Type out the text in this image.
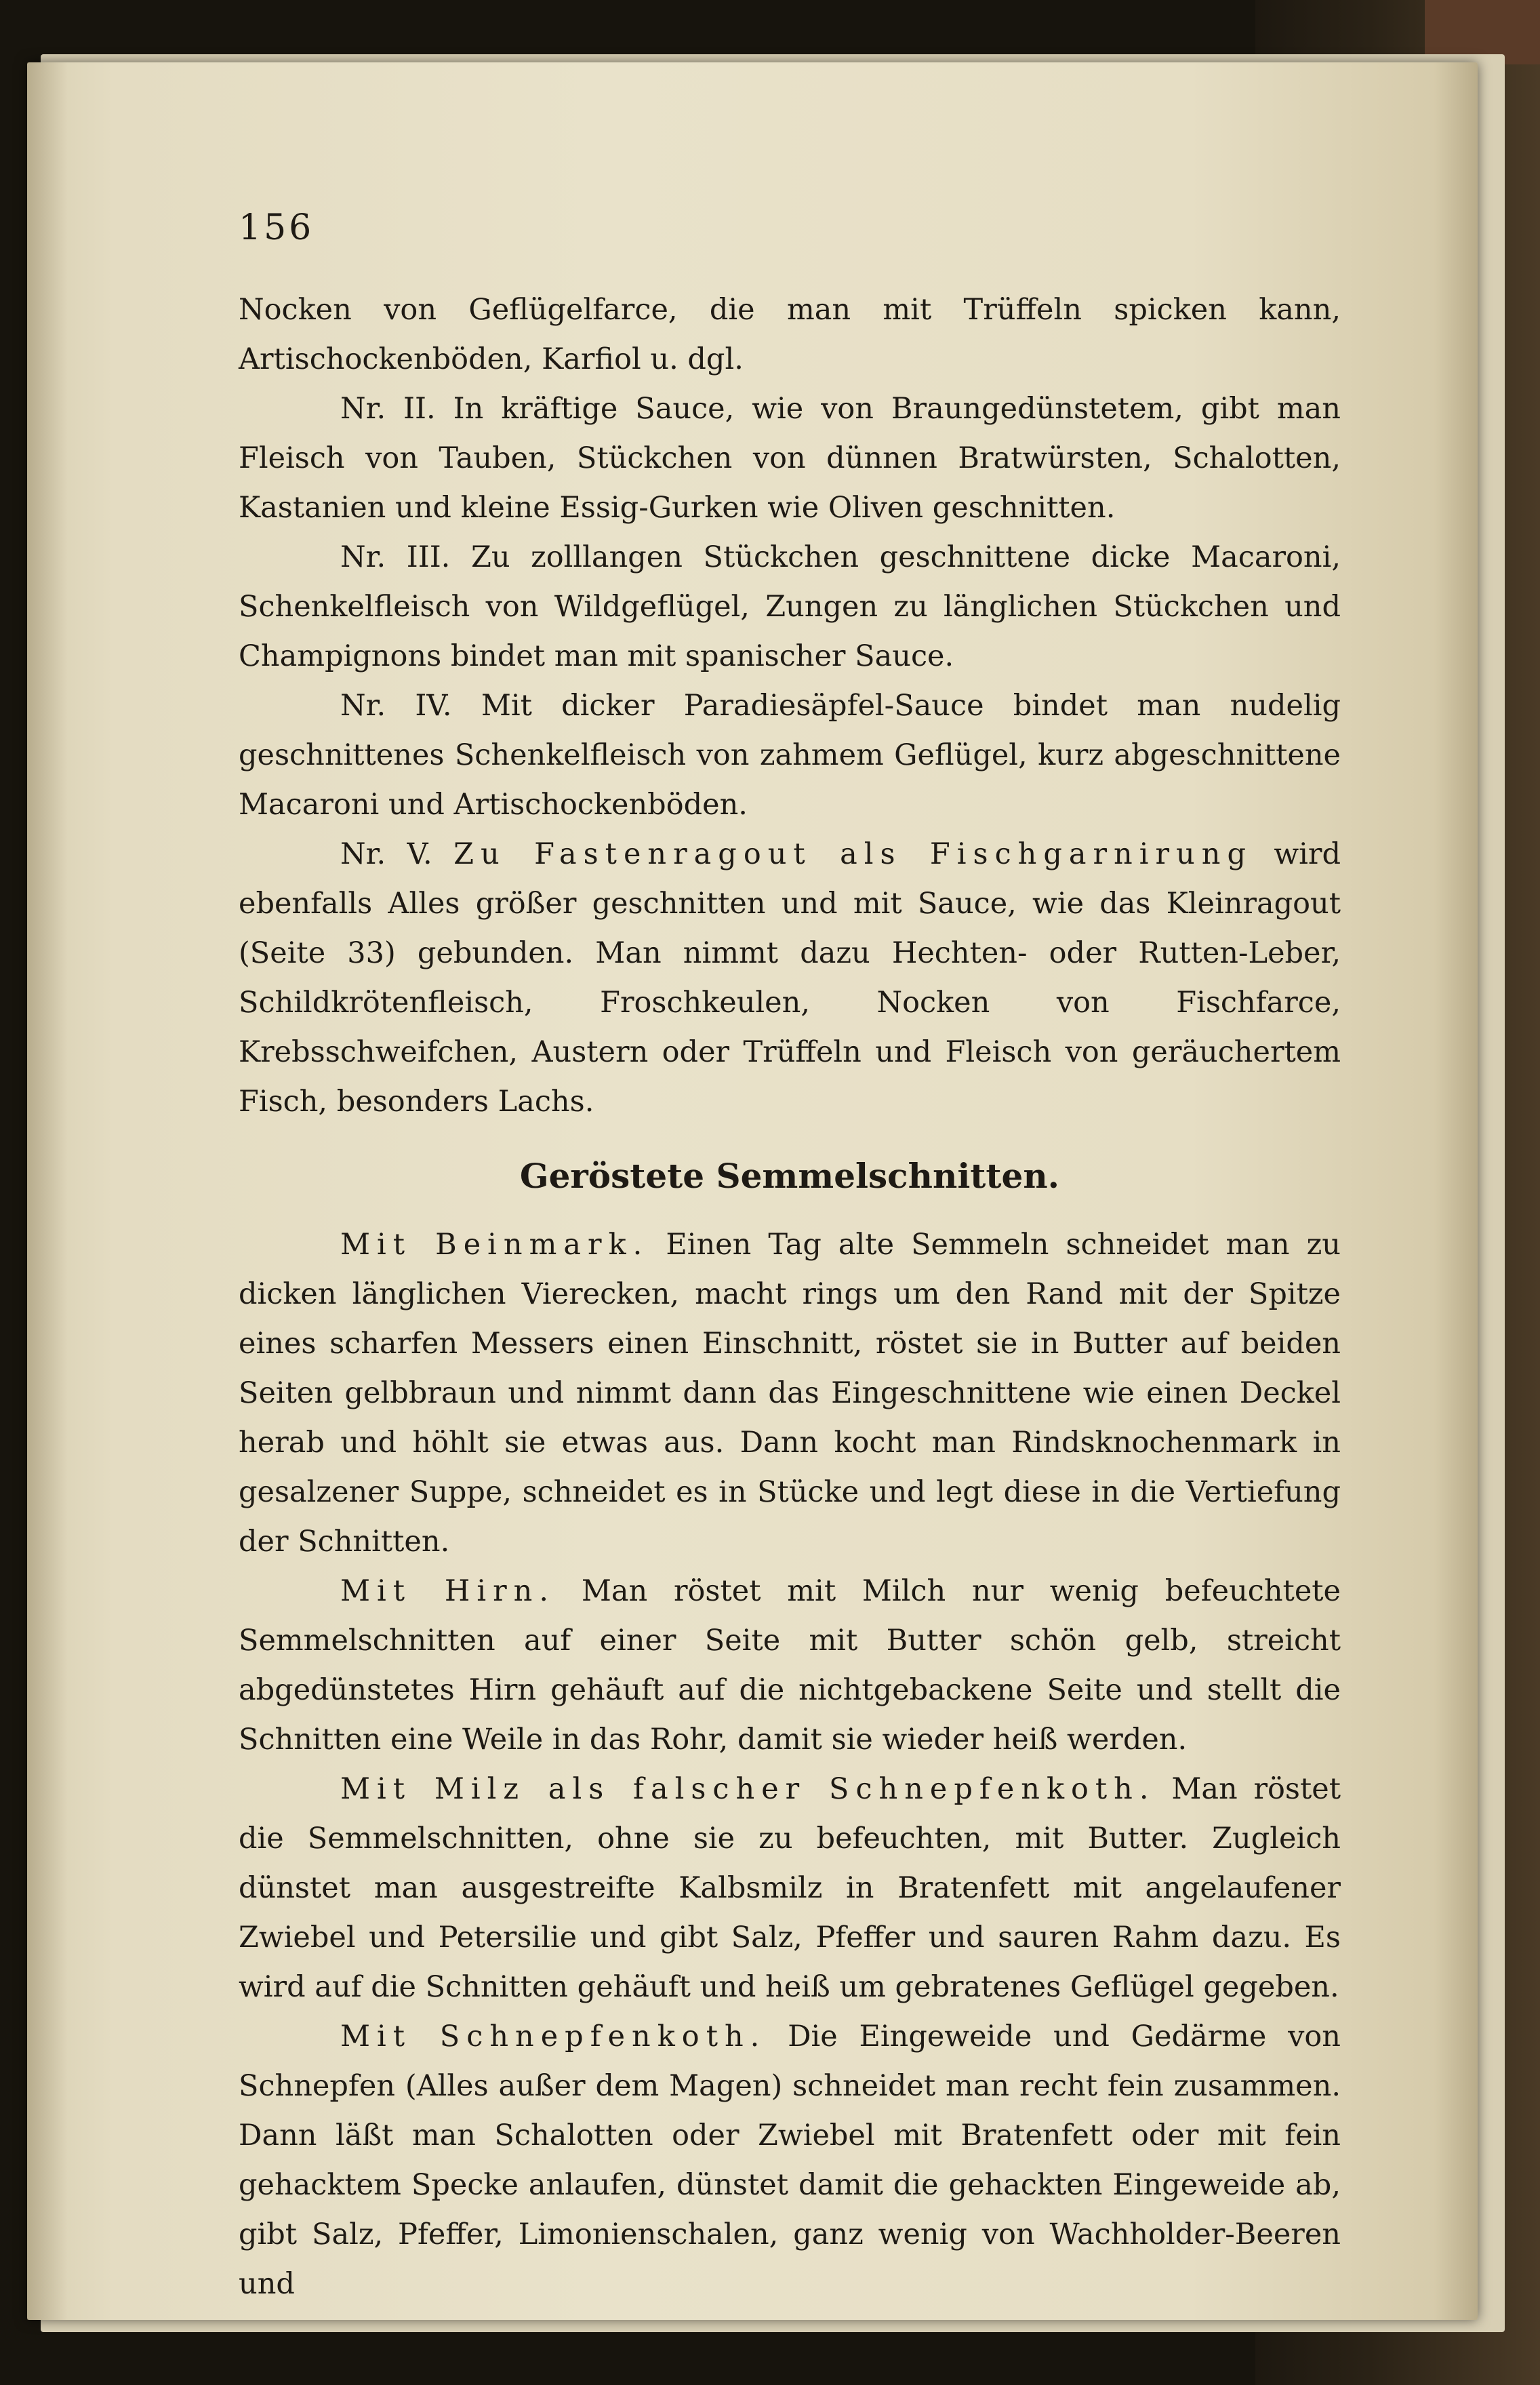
156

Nocken von Geflügelfarce, die man mit Trüffeln spicken kann, Artischockenböden, Karfiol u. dgl.

Nr. II. In kräftige Sauce, wie von Braungedünstetem, gibt man Fleisch von Tauben, Stückchen von dünnen Bratwürsten, Schalotten, Kastanien und kleine Essig-Gurken wie Oliven geschnitten.

Nr. III. Zu zolllangen Stückchen geschnittene dicke Macaroni, Schenkelfleisch von Wildgeflügel, Zungen zu länglichen Stückchen und Champignons bindet man mit spanischer Sauce.

Nr. IV. Mit dicker Paradiesäpfel-Sauce bindet man nudelig geschnittenes Schenkelfleisch von zahmem Geflügel, kurz abgeschnittene Macaroni und Artischockenböden.

Nr. V. Zu Fastenragout als Fischgarnirung wird ebenfalls Alles größer geschnitten und mit Sauce, wie das Kleinragout (Seite 33) gebunden. Man nimmt dazu Hechten- oder Rutten-Leber, Schildkrötenfleisch, Froschkeulen, Nocken von Fischfarce, Krebsschweifchen, Austern oder Trüffeln und Fleisch von geräuchertem Fisch, besonders Lachs.

Geröstete Semmelschnitten.

Mit Beinmark. Einen Tag alte Semmeln schneidet man zu dicken länglichen Vierecken, macht rings um den Rand mit der Spitze eines scharfen Messers einen Einschnitt, röstet sie in Butter auf beiden Seiten gelbbraun und nimmt dann das Eingeschnittene wie einen Deckel herab und höhlt sie etwas aus. Dann kocht man Rindsknochenmark in gesalzener Suppe, schneidet es in Stücke und legt diese in die Vertiefung der Schnitten.

Mit Hirn. Man röstet mit Milch nur wenig befeuchtete Semmelschnitten auf einer Seite mit Butter schön gelb, streicht abgedünstetes Hirn gehäuft auf die nichtgebackene Seite und stellt die Schnitten eine Weile in das Rohr, damit sie wieder heiß werden.

Mit Milz als falscher Schnepfenkoth. Man röstet die Semmelschnitten, ohne sie zu befeuchten, mit Butter. Zugleich dünstet man ausgestreifte Kalbsmilz in Bratenfett mit angelaufener Zwiebel und Petersilie und gibt Salz, Pfeffer und sauren Rahm dazu. Es wird auf die Schnitten gehäuft und heiß um gebratenes Geflügel gegeben.

Mit Schnepfenkoth. Die Eingeweide und Gedärme von Schnepfen (Alles außer dem Magen) schneidet man recht fein zusammen. Dann läßt man Schalotten oder Zwiebel mit Bratenfett oder mit fein gehacktem Specke anlaufen, dünstet damit die gehackten Eingeweide ab, gibt Salz, Pfeffer, Limonienschalen, ganz wenig von Wachholder-Beeren und
